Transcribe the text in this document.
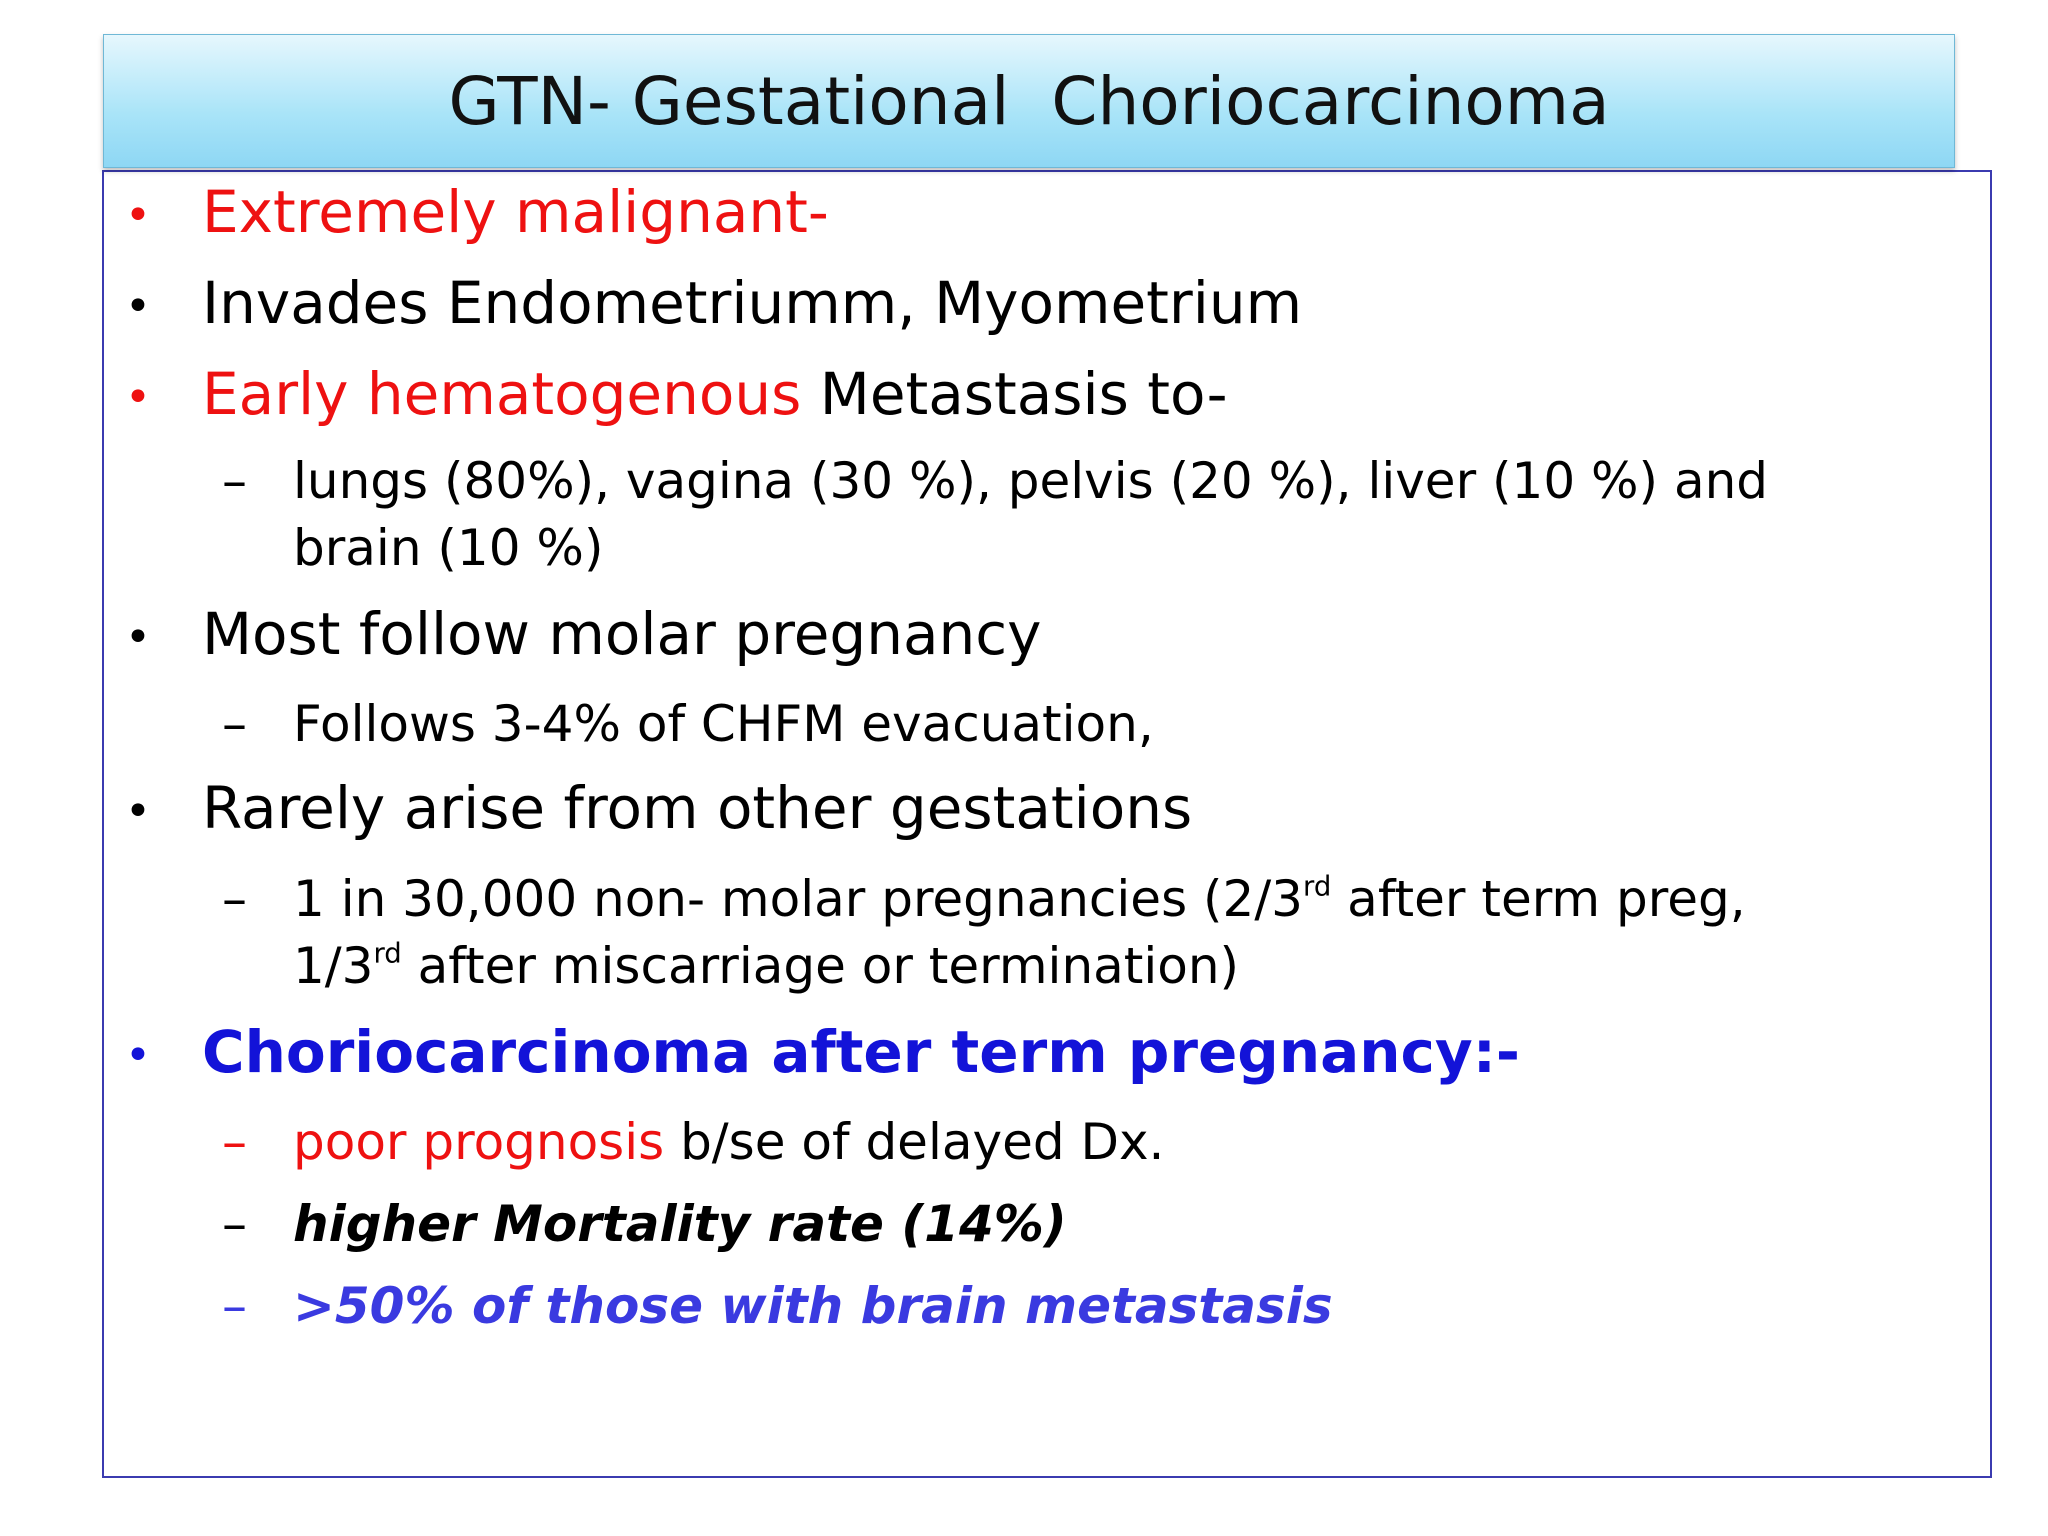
GTN- Gestational  Choriocarcinoma
• Extremely malignant-
• Invades Endometriumm, Myometrium
• Early hematogenous Metastasis to-
– lungs (80%), vagina (30 %), pelvis (20 %), liver (10 %) and
brain (10 %)
• Most follow molar pregnancy
– Follows 3-4% of CHFM evacuation,
• Rarely arise from other gestations
– 1 in 30,000 non- molar pregnancies (2/3rd after term preg,
1/3rd after miscarriage or termination)
• Choriocarcinoma after term pregnancy:-
– poor prognosis b/se of delayed Dx.
– higher Mortality rate (14%)
– >50% of those with brain metastasis
